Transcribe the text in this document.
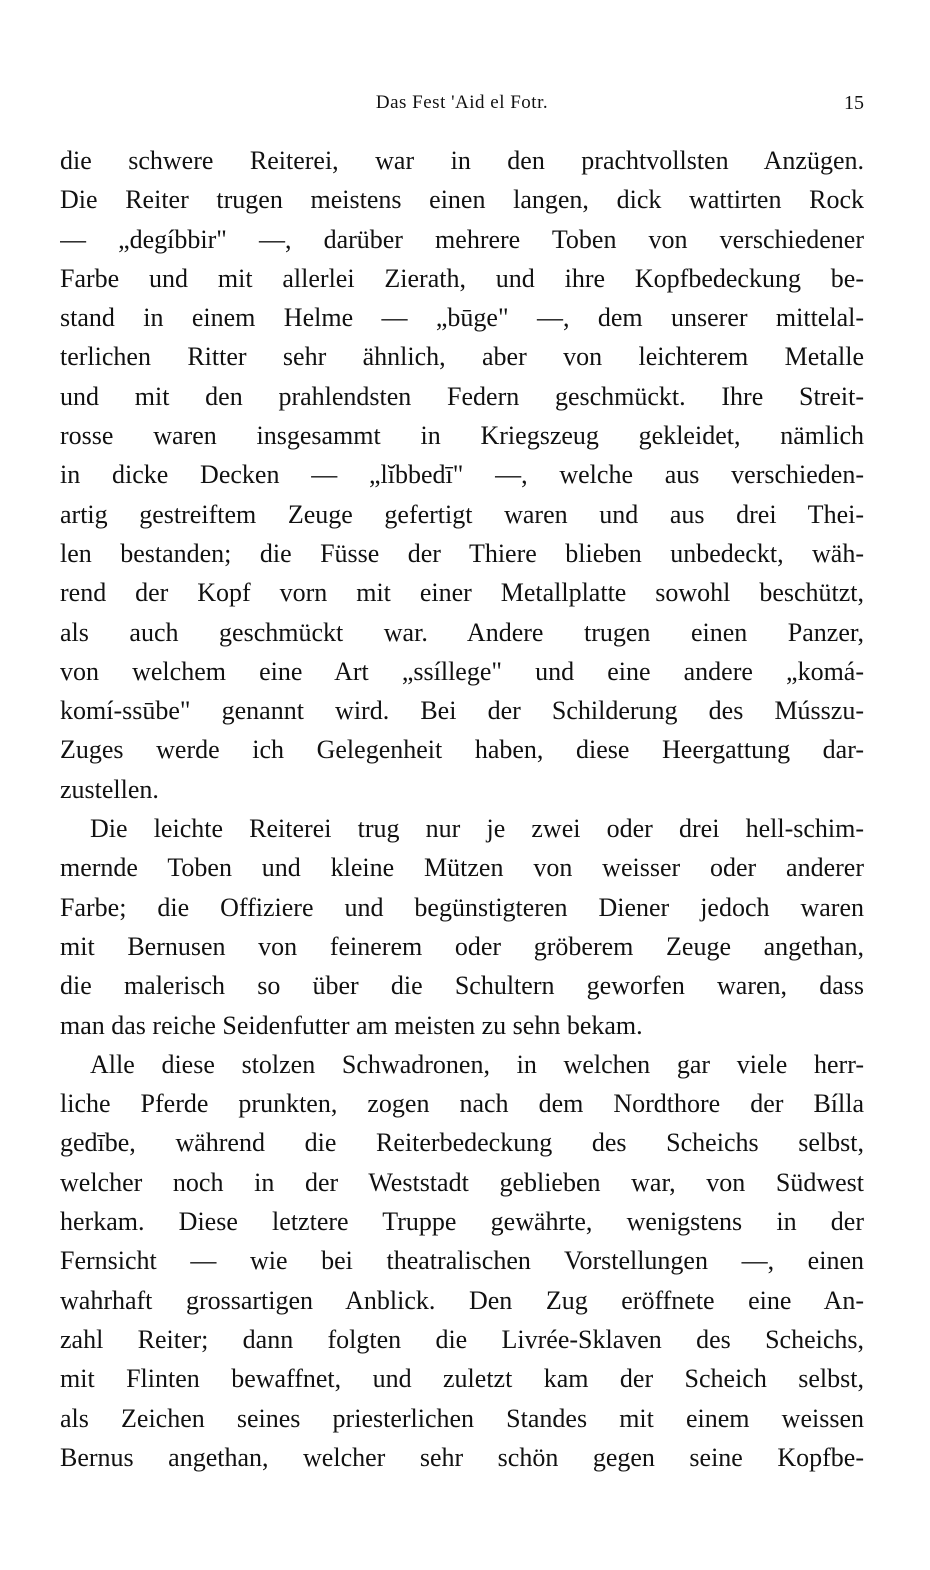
Das Fest 'Aid el Fotr.	15
die schwere Reiterei, war in den prachtvollsten Anzügen.
Die Reiter trugen meistens einen langen, dick wattirten Rock
— „degíbbir" —, darüber mehrere Toben von verschiedener
Farbe und mit allerlei Zierath, und ihre Kopfbedeckung be-
stand in einem Helme — „būge" —, dem unserer mittelal-
terlichen Ritter sehr ähnlich, aber von leichterem Metalle
und mit den prahlendsten Federn geschmückt. Ihre Streit-
rosse waren insgesammt in Kriegszeug gekleidet, nämlich
in dicke Decken — „lĭbbedī" —, welche aus verschieden-
artig gestreiftem Zeuge gefertigt waren und aus drei Thei-
len bestanden; die Füsse der Thiere blieben unbedeckt, wäh-
rend der Kopf vorn mit einer Metallplatte sowohl beschützt,
als auch geschmückt war. Andere trugen einen Panzer,
von welchem eine Art „ssíllege" und eine andere „komá-
komí-ssūbe" genannt wird. Bei der Schilderung des Músszu-
Zuges werde ich Gelegenheit haben, diese Heergattung dar-
zustellen.
Die leichte Reiterei trug nur je zwei oder drei hell-schim-
mernde Toben und kleine Mützen von weisser oder anderer
Farbe; die Offiziere und begünstigteren Diener jedoch waren
mit Bernusen von feinerem oder gröberem Zeuge angethan,
die malerisch so über die Schultern geworfen waren, dass
man das reiche Seidenfutter am meisten zu sehn bekam.
Alle diese stolzen Schwadronen, in welchen gar viele herr-
liche Pferde prunkten, zogen nach dem Nordthore der Bílla
gedībe, während die Reiterbedeckung des Scheichs selbst,
welcher noch in der Weststadt geblieben war, von Südwest
herkam. Diese letztere Truppe gewährte, wenigstens in der
Fernsicht — wie bei theatralischen Vorstellungen —, einen
wahrhaft grossartigen Anblick. Den Zug eröffnete eine An-
zahl Reiter; dann folgten die Livrée-Sklaven des Scheichs,
mit Flinten bewaffnet, und zuletzt kam der Scheich selbst,
als Zeichen seines priesterlichen Standes mit einem weissen
Bernus angethan, welcher sehr schön gegen seine Kopfbe-
